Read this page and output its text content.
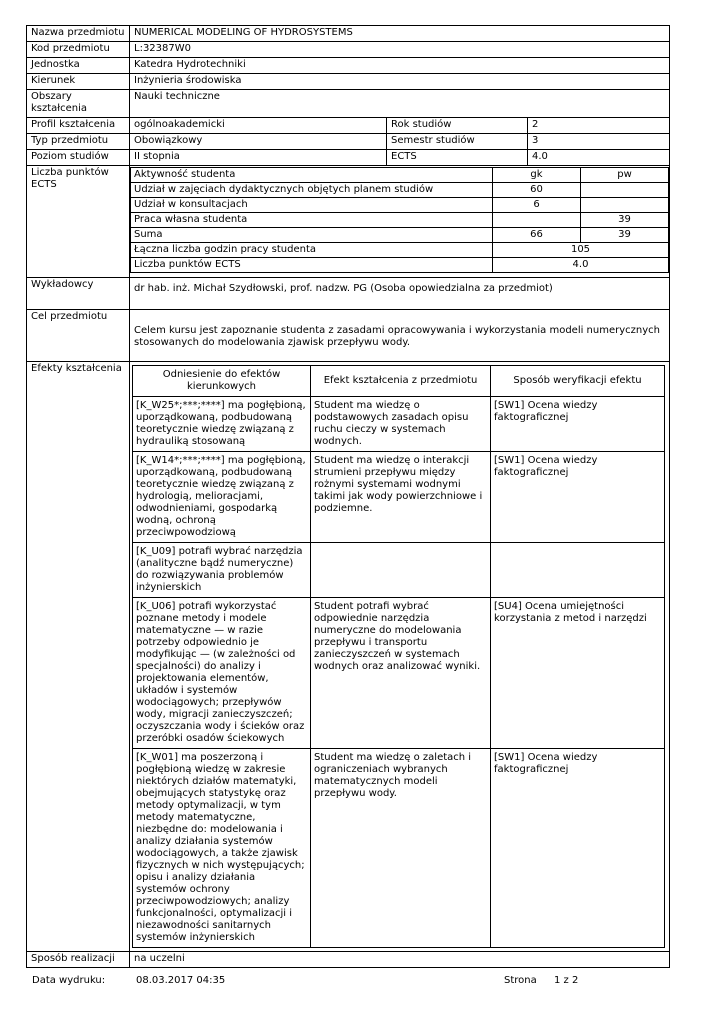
Nazwa przedmiotu	NUMERICAL MODELING OF HYDROSYSTEMS
Kod przedmiotu	L:32387W0
Jednostka	Katedra Hydrotechniki
Kierunek	Inżynieria środowiska
Obszary kształcenia	Nauki techniczne
Profil kształcenia	ogólnoakademicki	Rok studiów	2
Typ przedmiotu	Obowiązkowy	Semestr studiów	3
Poziom studiów	II stopnia	ECTS	4.0
Liczba punktów ECTS	
Aktywność studenta	gk	pw
Udział w zajęciach dydaktycznych objętych planem studiów	60	
Udział w konsultacjach	6	
Praca własna studenta		39
Suma	66	39
Łączna liczba godzin pracy studenta	105
Liczba punktów ECTS	4.0

Wykładowcy	dr hab. inż. Michał Szydłowski, prof. nadzw. PG (Osoba opowiedzialna za przedmiot)
Cel przedmiotu	Celem kursu jest zapoznanie studenta z zasadami opracowywania i wykorzystania modeli numerycznych stosowanych do modelowania zjawisk przepływu wody.
Efekty kształcenia	
Odniesienie do efektów kierunkowych	Efekt kształcenia z przedmiotu	Sposób weryfikacji efektu
[K_W25*;***;****] ma pogłębioną, uporządkowaną, podbudowaną teoretycznie wiedzę związaną z hydrauliką stosowaną	Student ma wiedzę o podstawowych zasadach opisu ruchu cieczy w systemach wodnych.	[SW1] Ocena wiedzy faktograficznej
[K_W14*;***;****] ma pogłębioną, uporządkowaną, podbudowaną teoretycznie wiedzę związaną z hydrologią, melioracjami, odwodnieniami, gospodarką wodną, ochroną przeciwpowodziową	Student ma wiedzę o interakcji strumieni przepływu między rożnymi systemami wodnymi takimi jak wody powierzchniowe i podziemne.	[SW1] Ocena wiedzy faktograficznej
[K_U09] potrafi wybrać narzędzia (analityczne bądź numeryczne) do rozwiązywania problemów inżynierskich		
[K_U06] potrafi wykorzystać poznane metody i modele matematyczne — w razie potrzeby odpowiednio je modyfikując — (w zależności od specjalności) do analizy i projektowania elementów, układów i systemów wodociągowych; przepływów wody, migracji zanieczyszczeń; oczyszczania wody i ścieków oraz przeróbki osadów ściekowych	Student potrafi wybrać odpowiednie narzędzia numeryczne do modelowania przepływu i transportu zanieczyszczeń w systemach wodnych oraz analizować wyniki.	[SU4] Ocena umiejętności korzystania z metod i narzędzi
[K_W01] ma poszerzoną i pogłębioną wiedzę w zakresie niektórych działów matematyki, obejmujących statystykę oraz metody optymalizacji, w tym metody matematyczne, niezbędne do: modelowania i analizy działania systemów wodociągowych, a także zjawisk fizycznych w nich występujących; opisu i analizy działania systemów ochrony przeciwpowodziowych; analizy funkcjonalności, optymalizacji i niezawodności sanitarnych systemów inżynierskich	Student ma wiedzę o zaletach i ograniczeniach wybranych matematycznych modeli przepływu wody.	[SW1] Ocena wiedzy faktograficznej

Sposób realizacji	na uczelni
Data wydruku:	08.03.2017 04:35	Strona 1 z 2
